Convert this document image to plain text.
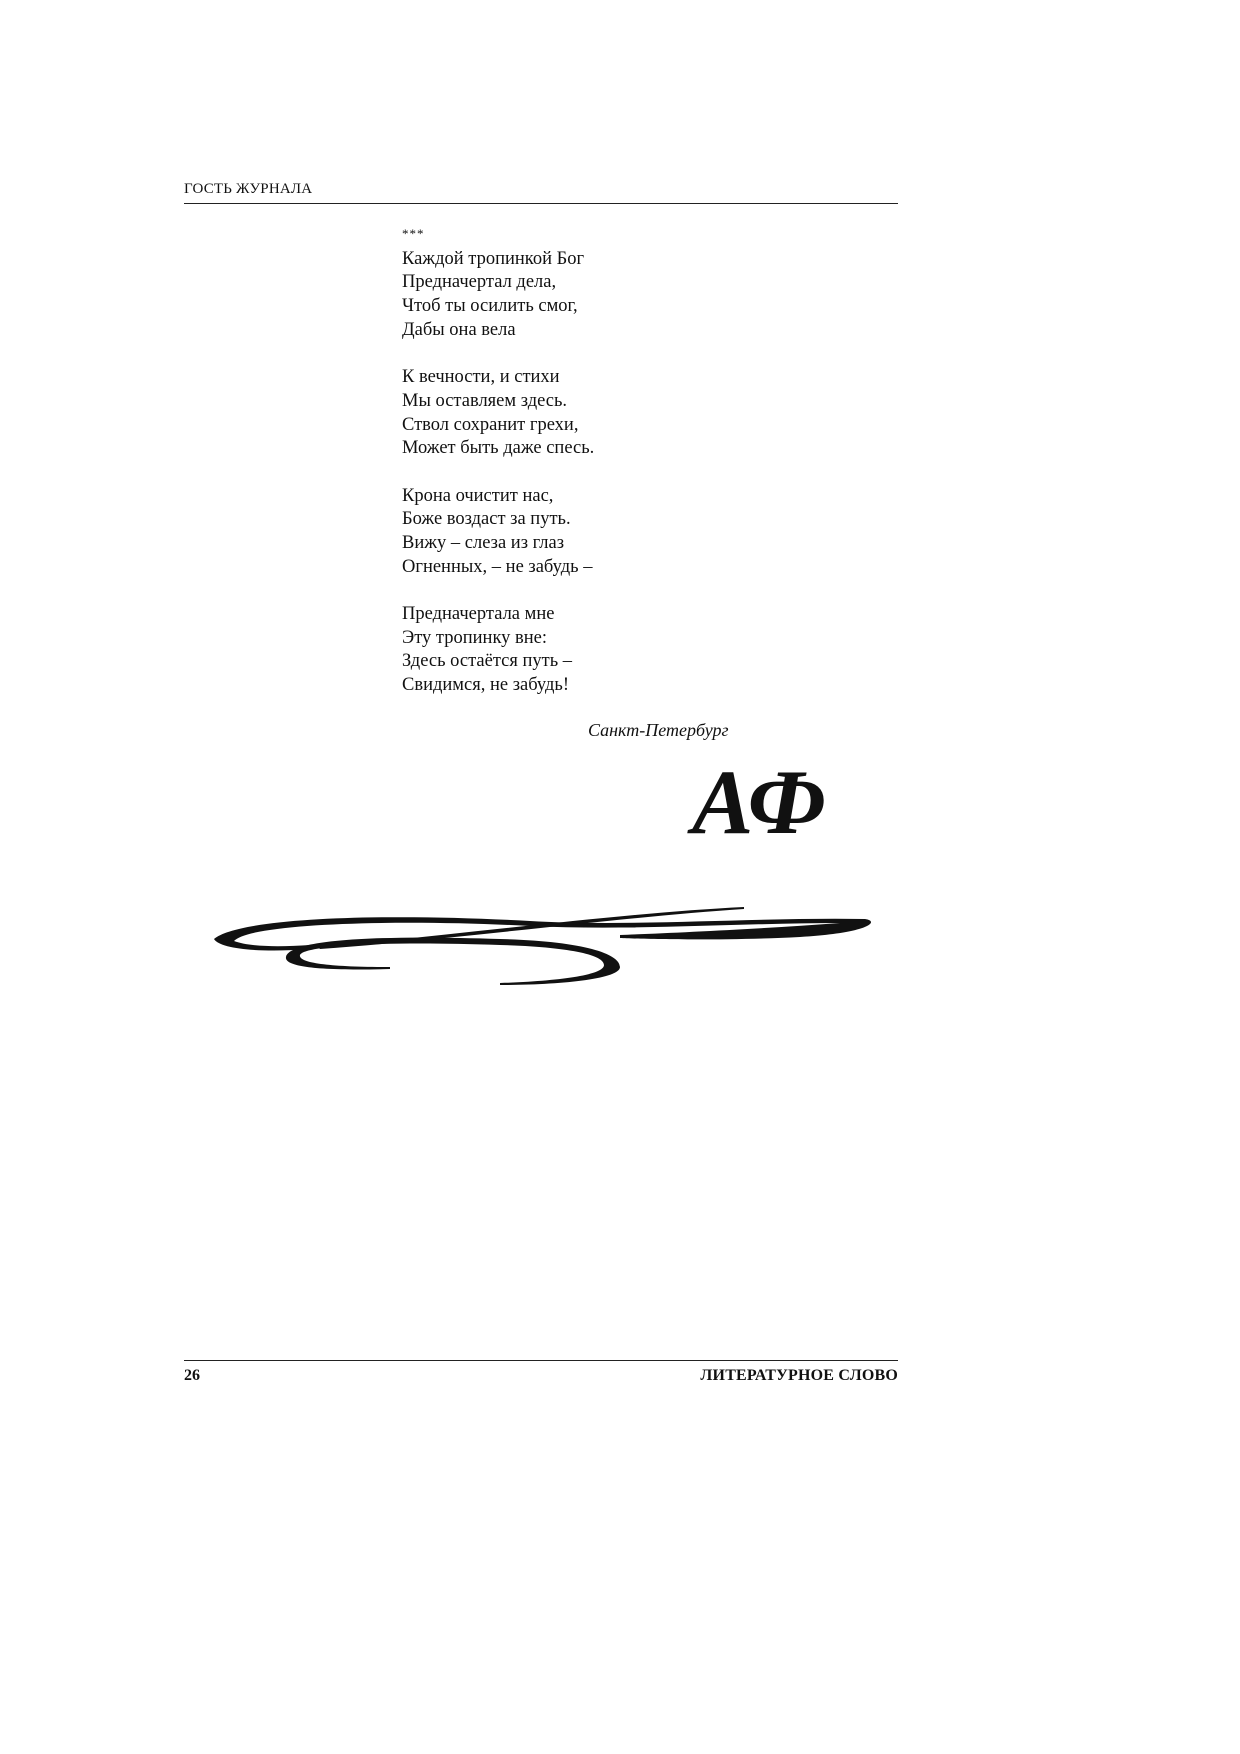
ГОСТЬ ЖУРНАЛА
***
Каждой тропинкой Бог
Предначертал дела,
Чтоб ты осилить смог,
Дабы она вела
К вечности, и стихи
Мы оставляем здесь.
Ствол сохранит грехи,
Может быть даже спесь.
Крона очистит нас,
Боже воздаст за путь.
Вижу – слеза из глаз
Огненных, – не забудь –
Предначертала мне
Эту тропинку вне:
Здесь остаётся путь –
Свидимся, не забудь!
Санкт-Петербург
АФ
26	ЛИТЕРАТУРНОЕ СЛОВО
